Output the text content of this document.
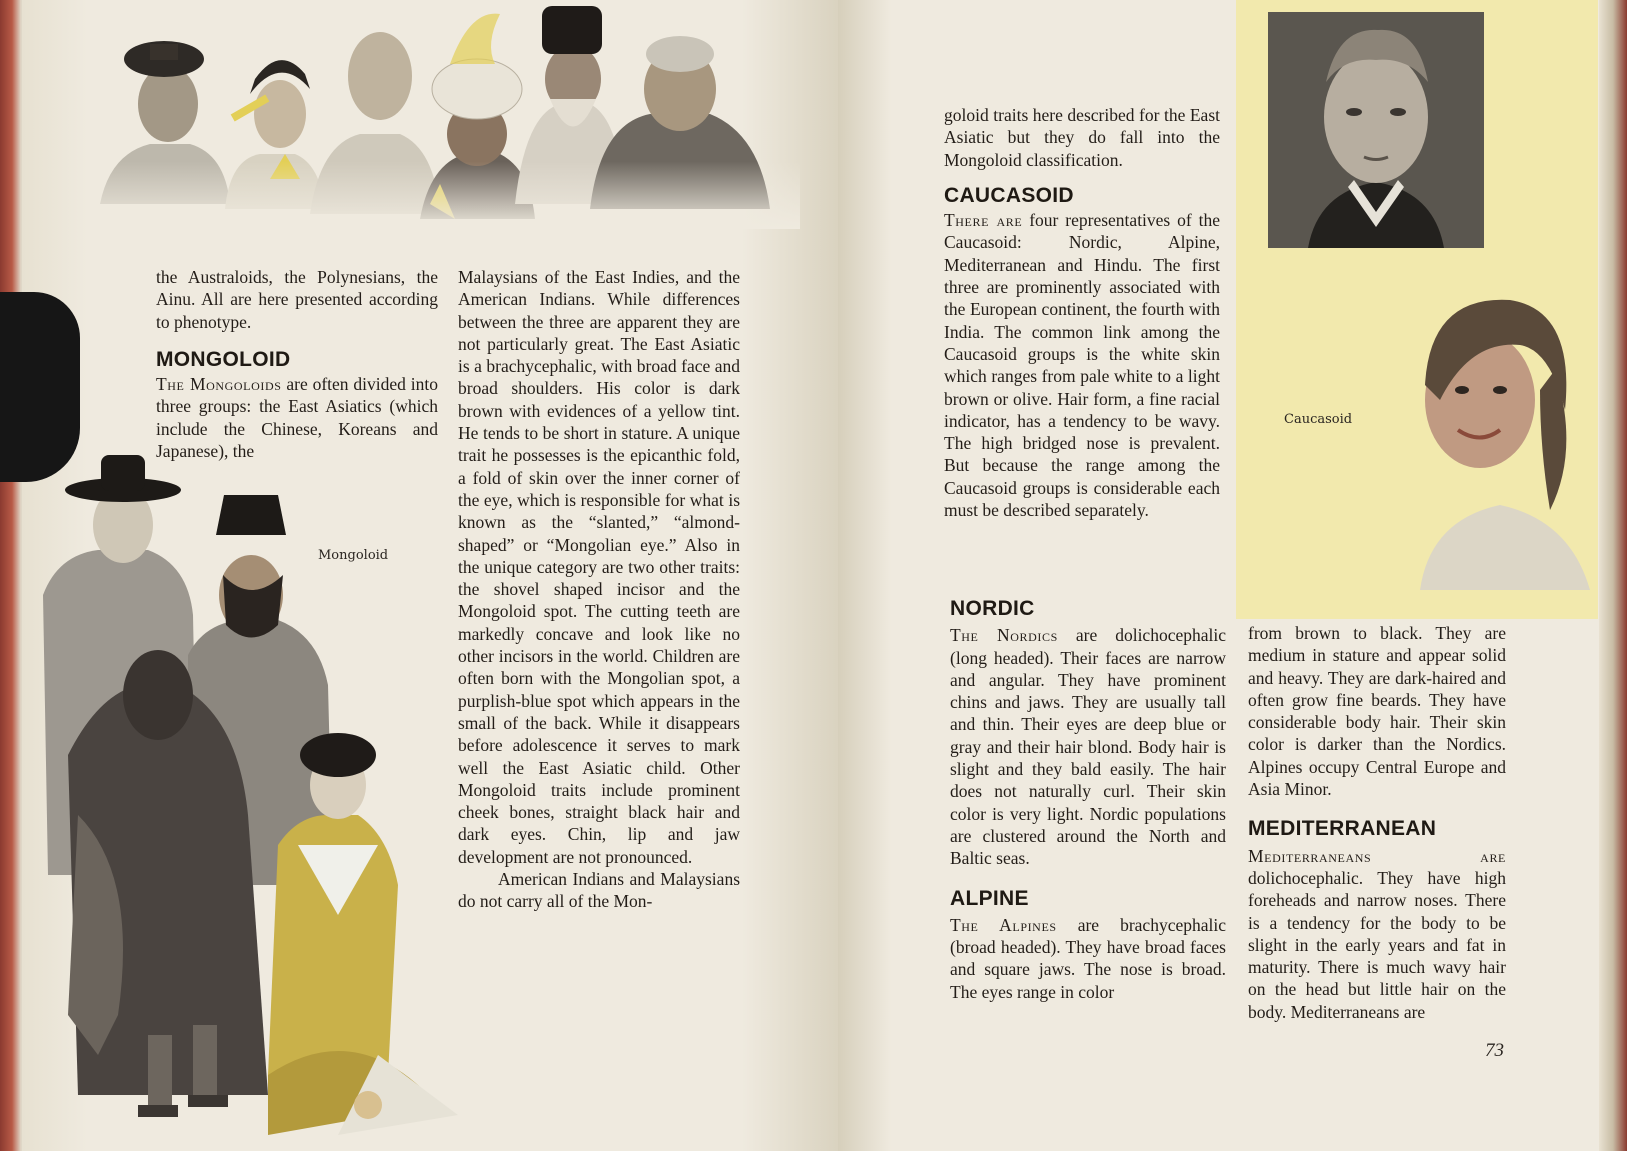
Mongoloid

the Australoids, the Polynesians, the Ainu. All are here presented according to phenotype.

MONGOLOID

The Mongoloids are often divided into three groups: the East Asiatics (which include the Chinese, Koreans and Japanese), the

Malaysians of the East Indies, and the American Indians. While differences between the three are apparent they are not particularly great. The East Asiatic is a brachycephalic, with broad face and broad shoulders. His color is dark brown with evidences of a yellow tint. He tends to be short in stature. A unique trait he possesses is the epicanthic fold, a fold of skin over the inner corner of the eye, which is responsible for what is known as the “slanted,” “almond-shaped” or “Mongolian eye.” Also in the unique category are two other traits: the shovel shaped incisor and the Mongoloid spot. The cutting teeth are markedly concave and look like no other incisors in the world. Children are often born with the Mongolian spot, a purplish-blue spot which appears in the small of the back. While it disappears before adolescence it serves to mark well the East Asiatic child. Other Mongoloid traits include prominent cheek bones, straight black hair and dark eyes. Chin, lip and jaw development are not pronounced.

American Indians and Malaysians do not carry all of the Mon-

Caucasoid

goloid traits here described for the East Asiatic but they do fall into the Mongoloid classification.

CAUCASOID

There are four representatives of the Caucasoid: Nordic, Alpine, Mediterranean and Hindu. The first three are prominently associated with the European continent, the fourth with India. The common link among the Caucasoid groups is the white skin which ranges from pale white to a light brown or olive. Hair form, a fine racial indicator, has a tendency to be wavy. The high bridged nose is prevalent. But because the range among the Caucasoid groups is considerable each must be described separately.

NORDIC

The Nordics are dolichocephalic (long headed). Their faces are narrow and angular. They have prominent chins and jaws. They are usually tall and thin. Their eyes are deep blue or gray and their hair blond. Body hair is slight and they bald easily. The hair does not naturally curl. Their skin color is very light. Nordic populations are clustered around the North and Baltic seas.

ALPINE

The Alpines are brachycephalic (broad headed). They have broad faces and square jaws. The nose is broad. The eyes range in color

from brown to black. They are medium in stature and appear solid and heavy. They are dark-haired and often grow fine beards. They have considerable body hair. Their skin color is darker than the Nordics. Alpines occupy Central Europe and Asia Minor.

MEDITERRANEAN

Mediterraneans are dolichocephalic. They have high foreheads and narrow noses. There is a tendency for the body to be slight in the early years and fat in maturity. There is much wavy hair on the head but little hair on the body. Mediterraneans are

73
